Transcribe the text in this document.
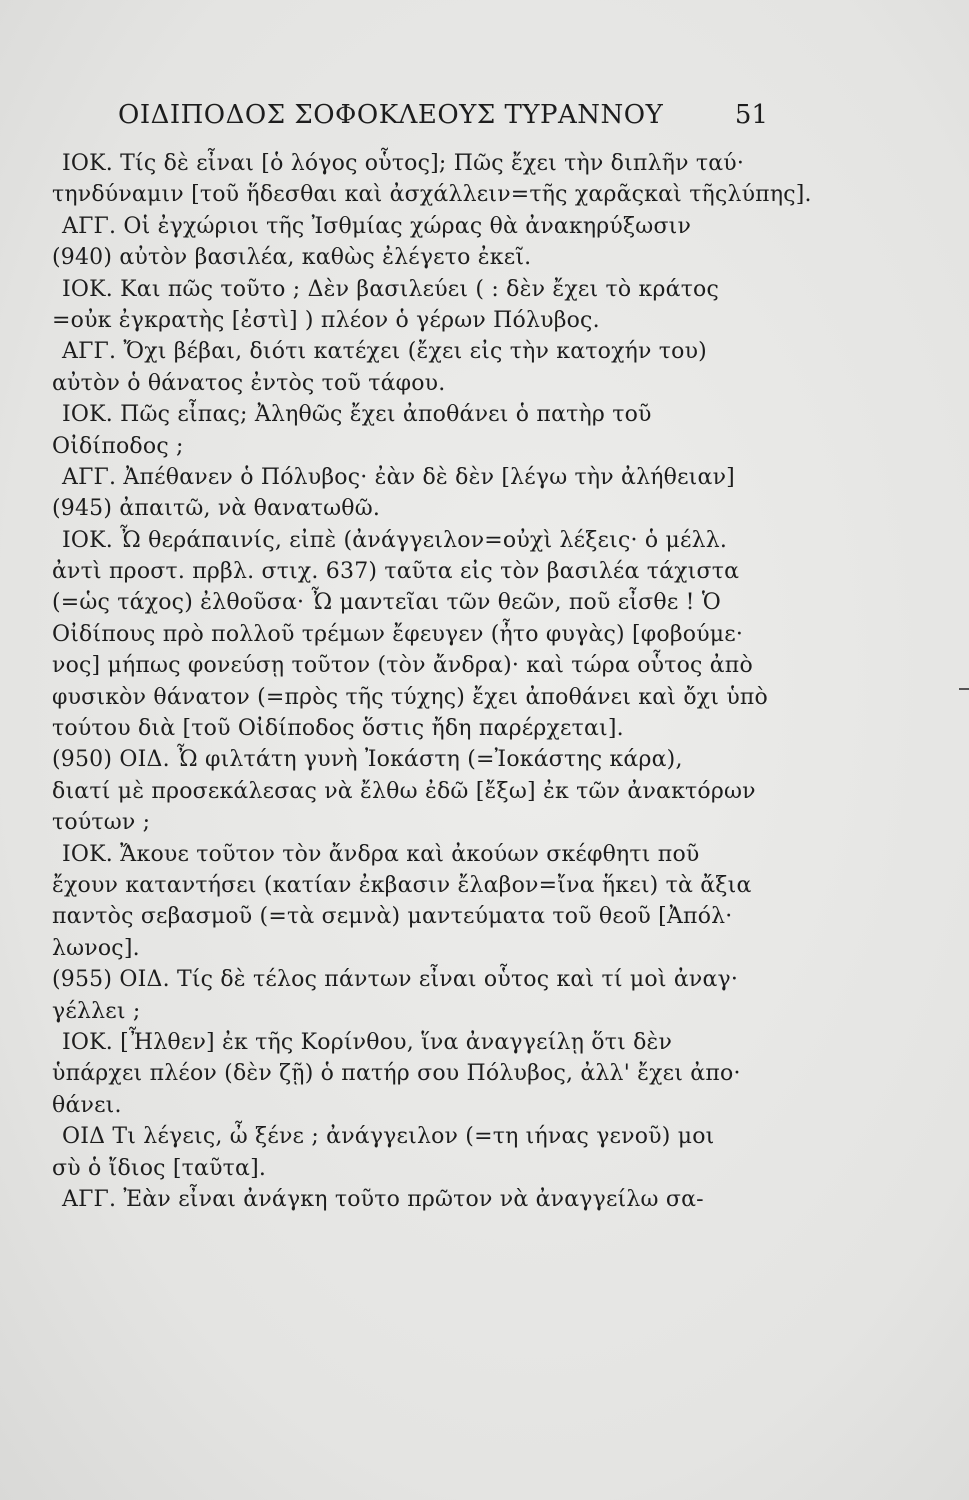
ΟΙΔΙΠΟΔΟΣ ΣΟΦΟΚΛΕΟΥΣ ΤΥΡΑΝΝΟΥ	51
ΙΟΚ. Τίς δὲ εἶναι [ὁ λόγος οὗτος]; Πῶς ἔχει τὴν διπλῆν ταύ·
τηνδύναμιν [τοῦ ἥδεσθαι καὶ ἀσχάλλειν=τῆς χαρᾶςκαὶ τῆςλύπης].
ΑΓΓ. Οἱ ἐγχώριοι τῆς Ἰσθμίας χώρας θὰ ἀνακηρύξωσιν
(940) αὐτὸν βασιλέα, καθὼς ἐλέγετο ἐκεῖ.
ΙΟΚ. Και πῶς τοῦτο ; Δὲν βασιλεύει ( : δὲν ἔχει τὸ κράτος
=οὐκ ἐγκρατὴς [ἐστὶ] ) πλέον ὁ γέρων Πόλυβος.
ΑΓΓ. Ὄχι βέβαι, διότι κατέχει (ἔχει εἰς τὴν κατοχήν του)
αὐτὸν ὁ θάνατος ἐντὸς τοῦ τάφου.
ΙΟΚ. Πῶς εἶπας; Ἀληθῶς ἔχει ἀποθάνει ὁ πατὴρ τοῦ
Οἰδίποδος ;
ΑΓΓ. Ἀπέθανεν ὁ Πόλυβος· ἐὰν δὲ δὲν [λέγω τὴν ἀλήθειαν]
(945) ἀπαιτῶ, νὰ θανατωθῶ.
ΙΟΚ. Ὦ θεράπαινίς, εἰπὲ (ἀνάγγειλον=οὐχὶ λέξεις· ὁ μέλλ.
ἀντὶ προστ. πρβλ. στιχ. 637) ταῦτα εἰς τὸν βασιλέα τάχιστα
(=ὡς τάχος) ἐλθοῦσα· Ὦ μαντεῖαι τῶν θεῶν, ποῦ εἶσθε ! Ὁ
Οἰδίπους πρὸ πολλοῦ τρέμων ἔφευγεν (ἦτο φυγὰς) [φοβούμε·
νος] μήπως φονεύσῃ τοῦτον (τὸν ἄνδρα)· καὶ τώρα οὗτος ἀπὸ
φυσικὸν θάνατον (=πρὸς τῆς τύχης) ἔχει ἀποθάνει καὶ ὄχι ὑπὸ
τούτου διὰ [τοῦ Οἰδίποδος ὅστις ἤδη παρέρχεται].
(950) ΟΙΔ. Ὦ φιλτάτη γυνὴ Ἰοκάστη (=Ἰοκάστης κάρα),
διατί μὲ προσεκάλεσας νὰ ἔλθω ἐδῶ [ἔξω] ἐκ τῶν ἀνακτόρων
τούτων ;
ΙΟΚ. Ἄκουε τοῦτον τὸν ἄνδρα καὶ ἀκούων σκέφθητι ποῦ
ἔχουν καταντήσει (κατίαν ἐκβασιν ἔλαβον=ἴνα ἥκει) τὰ ἄξια
παντὸς σεβασμοῦ (=τὰ σεμνὰ) μαντεύματα τοῦ θεοῦ [Ἀπόλ·
λωνος].
(955) ΟΙΔ. Τίς δὲ τέλος πάντων εἶναι οὗτος καὶ τί μοὶ ἀναγ·
γέλλει ;
ΙΟΚ. [Ἦλθεν] ἐκ τῆς Κορίνθου, ἵνα ἀναγγείλῃ ὅτι δὲν
ὑπάρχει πλέον (δὲν ζῇ) ὁ πατήρ σου Πόλυβος, ἀλλ' ἔχει ἀπο·
θάνει.
ΟΙΔ Τι λέγεις, ὦ ξένε ; ἀνάγγειλον (=τη ιήνας γενοῦ) μοι
σὺ ὁ ἴδιος [ταῦτα].
ΑΓΓ. Ἐὰν εἶναι ἀνάγκη τοῦτο πρῶτον νὰ ἀναγγείλω σα-
